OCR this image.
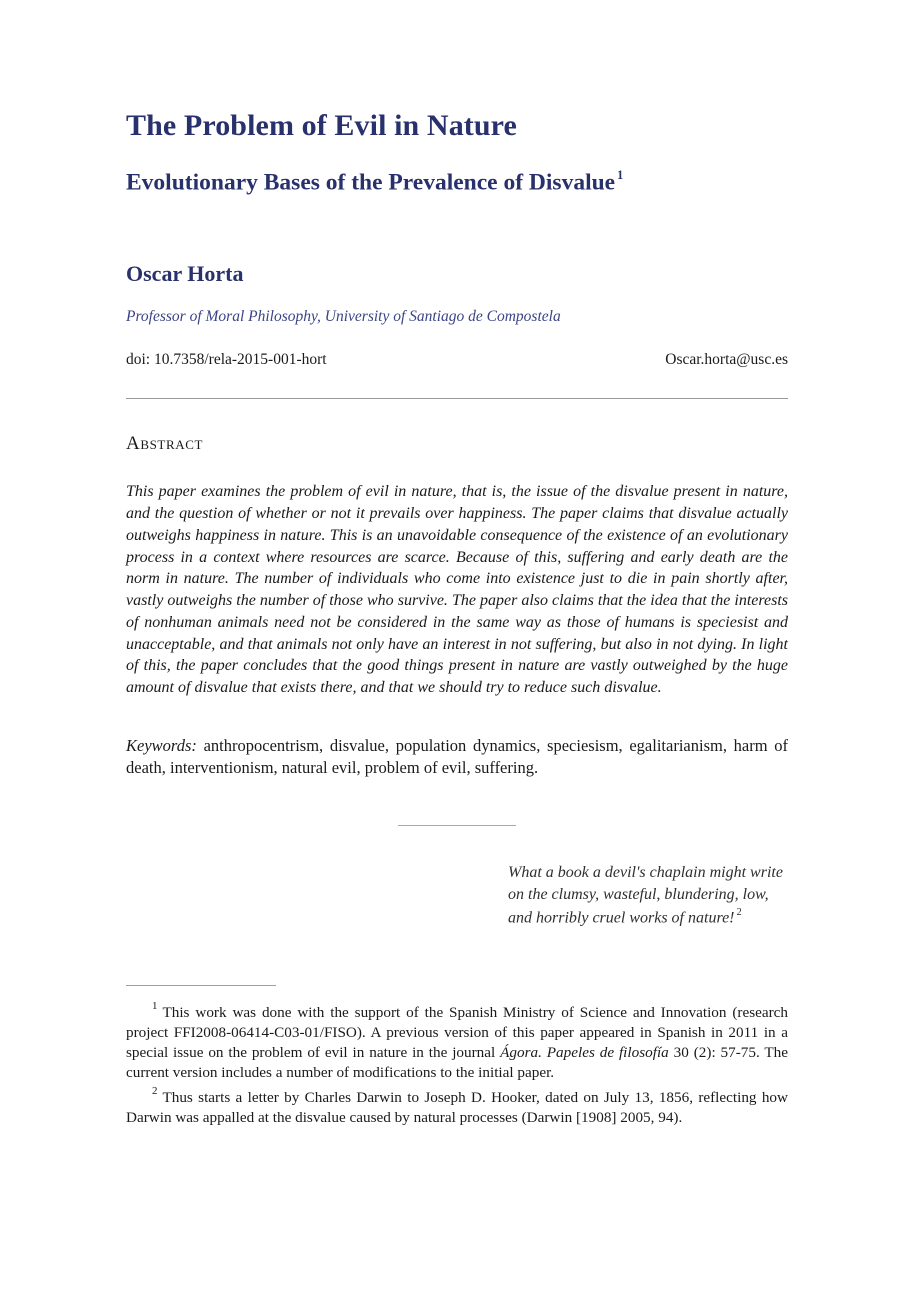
The Problem of Evil in Nature
Evolutionary Bases of the Prevalence of Disvalue $^1$
Oscar Horta
Professor of Moral Philosophy, University of Santiago de Compostela
doi: 10.7358/rela-2015-001-hort	Oscar.horta@usc.es
Abstract

This paper examines the problem of evil in nature, that is, the issue of the disvalue present in nature, and the question of whether or not it prevails over happiness. The paper claims that disvalue actually outweighs happiness in nature. This is an unavoidable consequence of the existence of an evolutionary process in a context where resources are scarce. Because of this, suffering and early death are the norm in nature. The number of individuals who come into existence just to die in pain shortly after, vastly outweighs the number of those who survive. The paper also claims that the idea that the interests of nonhuman animals need not be considered in the same way as those of humans is speciesist and unacceptable, and that animals not only have an interest in not suffering, but also in not dying. In light of this, the paper concludes that the good things present in nature are vastly outweighed by the huge amount of disvalue that exists there, and that we should try to reduce such disvalue.

Keywords: anthropocentrism, disvalue, population dynamics, speciesism, egalitarianism, harm of death, interventionism, natural evil, problem of evil, suffering.

What a book a devil's chaplain might write on the clumsy, wasteful, blundering, low, and horribly cruel works of nature! $^2$

$^1$ This work was done with the support of the Spanish Ministry of Science and Innovation (research project FFI2008-06414-C03-01/FISO). A previous version of this paper appeared in Spanish in 2011 in a special issue on the problem of evil in nature in the journal Ágora. Papeles de filosofía 30 (2): 57-75. The current version includes a number of modifications to the initial paper.

$^2$ Thus starts a letter by Charles Darwin to Joseph D. Hooker, dated on July 13, 1856, reflecting how Darwin was appalled at the disvalue caused by natural processes (Darwin [1908] 2005, 94).
